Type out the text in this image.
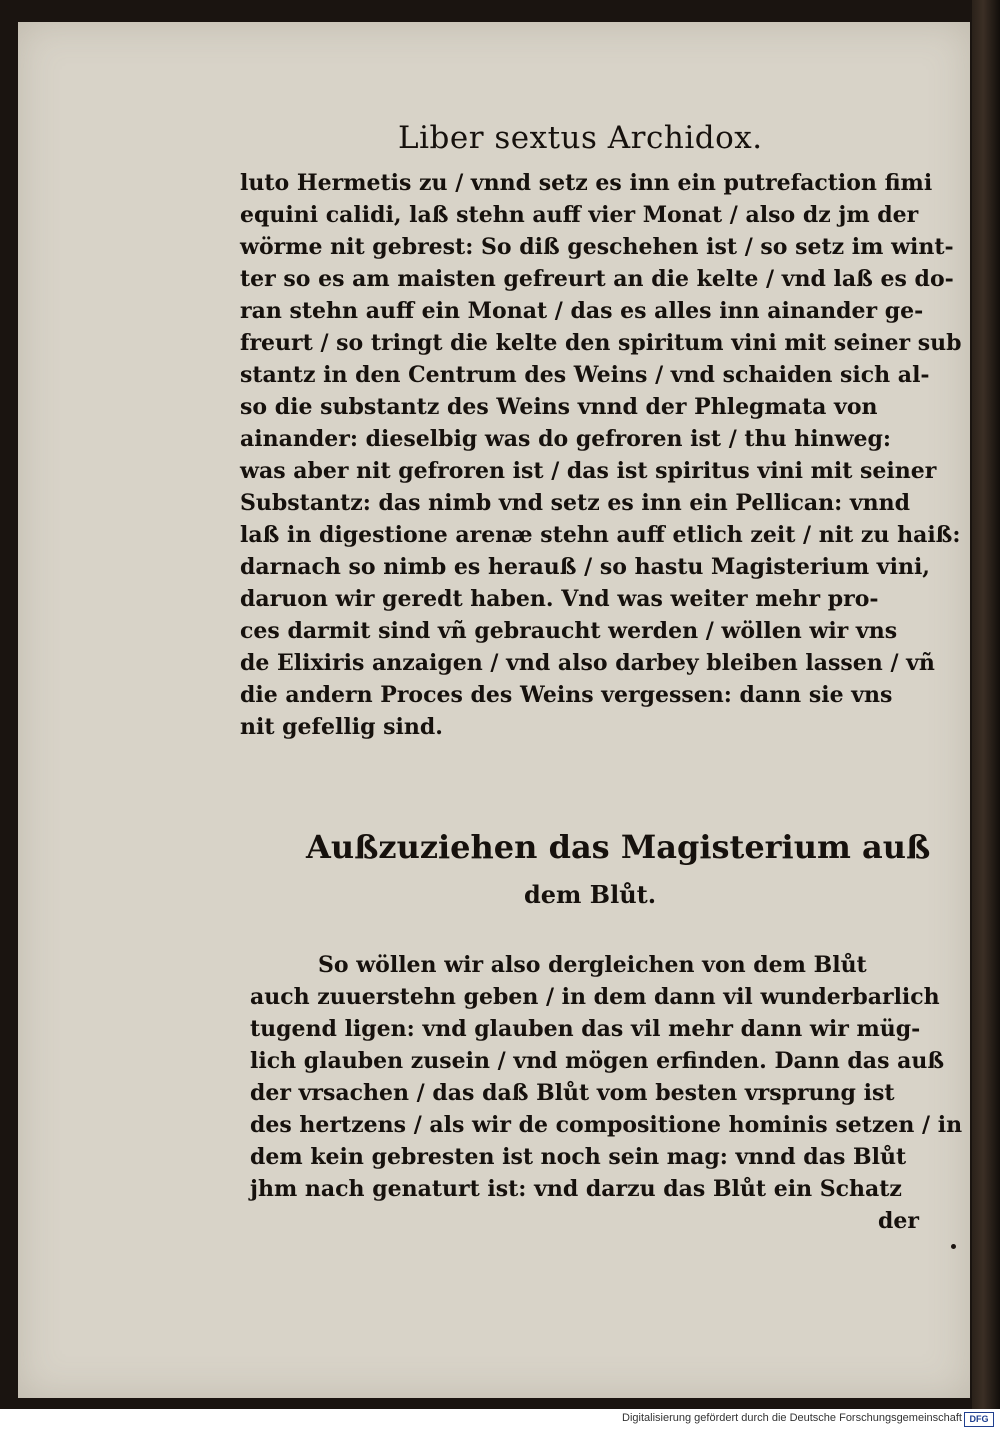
Liber sextus Archidox.
luto Hermetis zu / vnnd setz es inn ein putrefaction fimi
equini calidi, laß stehn auff vier Monat / also dz jm der
wörme nit gebrest: So diß geschehen ist / so setz im wint-
ter so es am maisten gefreurt an die kelte / vnd laß es do-
ran stehn auff ein Monat / das es alles inn ainander ge-
freurt / so tringt die kelte den spiritum vini mit seiner sub
stantz in den Centrum des Weins / vnd schaiden sich al-
so die substantz des Weins vnnd der Phlegmata von
ainander: dieselbig was do gefroren ist / thu hinweg:
was aber nit gefroren ist / das ist spiritus vini mit seiner
Substantz: das nimb vnd setz es inn ein Pellican: vnnd
laß in digestione arenæ stehn auff etlich zeit / nit zu haiß:
darnach so nimb es herauß / so hastu Magisterium vini,
daruon wir geredt haben. Vnd was weiter mehr pro-
ces darmit sind vñ gebraucht werden / wöllen wir vns
de Elixiris anzaigen / vnd also darbey bleiben lassen / vñ
die andern Proces des Weins vergessen: dann sie vns
nit gefellig sind.
Außzuziehen das Magisterium auß
dem Blůt.
So wöllen wir also dergleichen von dem Blůt
auch zuuerstehn geben / in dem dann vil wunderbarlich
tugend ligen: vnd glauben das vil mehr dann wir müg-
lich glauben zusein / vnd mögen erfinden. Dann das auß
der vrsachen / das daß Blůt vom besten vrsprung ist
des hertzens / als wir de compositione hominis setzen / in
dem kein gebresten ist noch sein mag: vnnd das Blůt
jhm nach genaturt ist: vnd darzu das Blůt ein Schatz
der
Digitalisierung gefördert durch die Deutsche Forschungsgemeinschaft DFG
